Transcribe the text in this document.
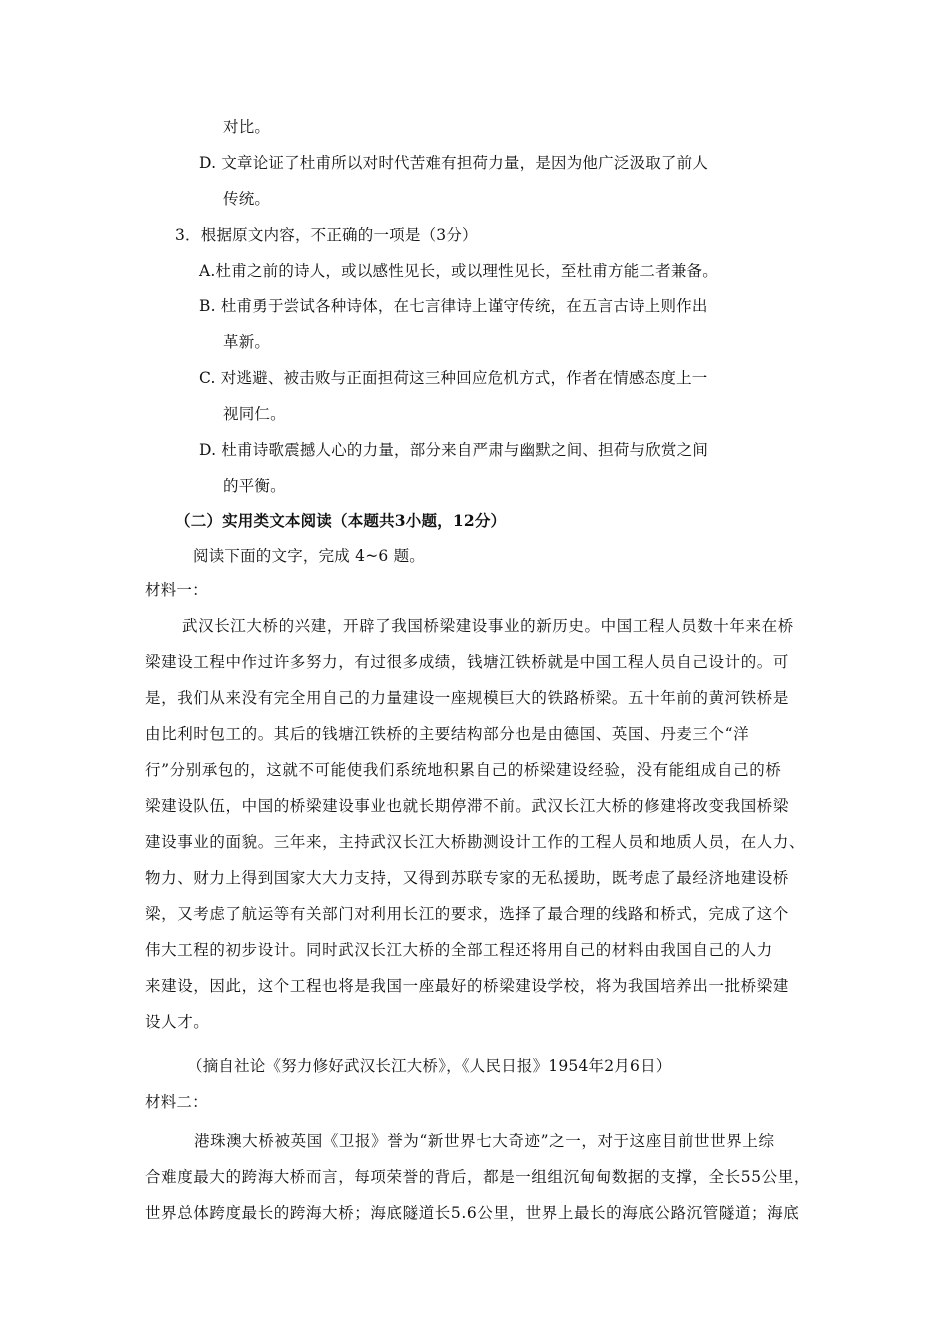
对比。
D. 文章论证了杜甫所以对时代苦难有担荷力量，是因为他广泛汲取了前人
传统。
3．根据原文内容，不正确的一项是（3分）
A.杜甫之前的诗人，或以感性见长，或以理性见长，至杜甫方能二者兼备。
B. 杜甫勇于尝试各种诗体，在七言律诗上谨守传统，在五言古诗上则作出
革新。
C. 对逃避、被击败与正面担荷这三种回应危机方式，作者在情感态度上一
视同仁。
D. 杜甫诗歌震撼人心的力量，部分来自严肃与幽默之间、担荷与欣赏之间
的平衡。
（二）实用类文本阅读（本题共3小题，12分）
阅读下面的文字，完成 4~6 题。
材料一：
武汉长江大桥的兴建，开辟了我国桥梁建设事业的新历史。中国工程人员数十年来在桥
梁建设工程中作过许多努力，有过很多成绩，钱塘江铁桥就是中国工程人员自己设计的。可
是，我们从来没有完全用自己的力量建设一座规模巨大的铁路桥梁。五十年前的黄河铁桥是
由比利时包工的。其后的钱塘江铁桥的主要结构部分也是由德国、英国、丹麦三个“洋
行”分别承包的，这就不可能使我们系统地积累自己的桥梁建设经验，没有能组成自己的桥
梁建设队伍，中国的桥梁建设事业也就长期停滞不前。武汉长江大桥的修建将改变我国桥梁
建设事业的面貌。三年来，主持武汉长江大桥勘测设计工作的工程人员和地质人员，在人力、
物力、财力上得到国家大大力支持，又得到苏联专家的无私援助，既考虑了最经济地建设桥
梁，又考虑了航运等有关部门对利用长江的要求，选择了最合理的线路和桥式，完成了这个
伟大工程的初步设计。同时武汉长江大桥的全部工程还将用自己的材料由我国自己的人力
来建设，因此，这个工程也将是我国一座最好的桥梁建设学校，将为我国培养出一批桥梁建
设人才。
（摘自社论《努力修好武汉长江大桥》，《人民日报》1954年2月6日）
材料二：
港珠澳大桥被英国《卫报》誉为“新世界七大奇迹”之一，对于这座目前世世界上综
合难度最大的跨海大桥而言，每项荣誉的背后，都是一组组沉甸甸数据的支撑，全长55公里，
世界总体跨度最长的跨海大桥；海底隧道长5.6公里，世界上最长的海底公路沉管隧道；海底
